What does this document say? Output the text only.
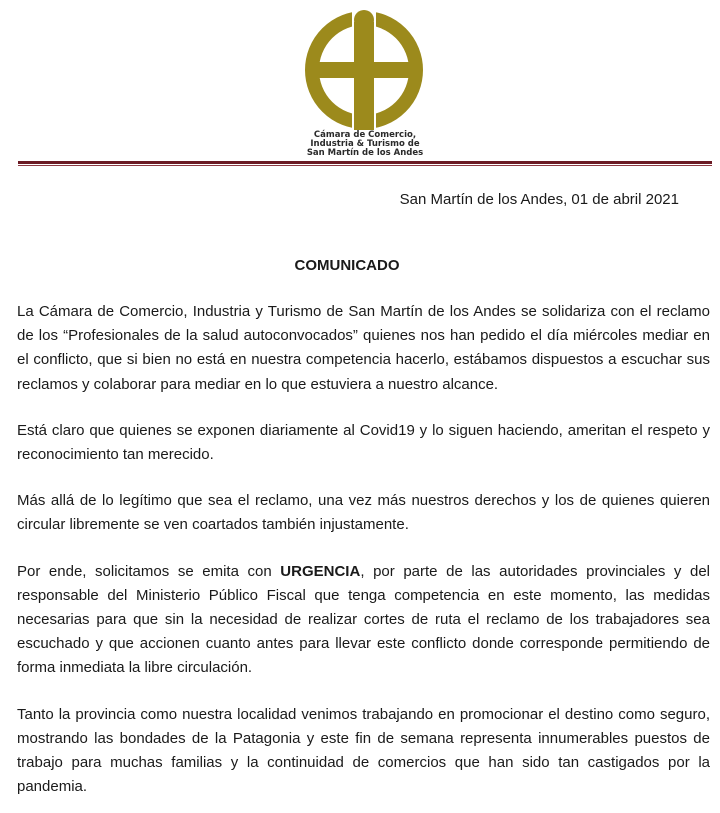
Cámara de Comercio,
Industria & Turismo de
San Martín de los Andes
San Martín de los Andes, 01 de abril 2021
COMUNICADO

La Cámara de Comercio, Industria y Turismo de San Martín de los Andes se solidariza con el reclamo de los “Profesionales de la salud autoconvocados” quienes nos han pedido el día miércoles mediar en el conflicto, que si bien no está en nuestra competencia hacerlo, estábamos dispuestos a escuchar sus reclamos y colaborar para mediar en lo que estuviera a nuestro alcance.

Está claro que quienes se exponen diariamente al Covid19 y lo siguen haciendo, ameritan el respeto y reconocimiento tan merecido.

Más allá de lo legítimo que sea el reclamo, una vez más nuestros derechos y los de quienes quieren circular libremente se ven coartados también injustamente.

Por ende, solicitamos se emita con URGENCIA, por parte de las autoridades provinciales y del responsable del Ministerio Público Fiscal que tenga competencia en este momento, las medidas necesarias para que sin la necesidad de realizar cortes de ruta el reclamo de los trabajadores sea escuchado y que accionen cuanto antes para llevar este conflicto donde corresponde permitiendo de forma inmediata la libre circulación.

Tanto la provincia como nuestra localidad venimos trabajando en promocionar el destino como seguro, mostrando las bondades de la Patagonia y este fin de semana representa innumerables puestos de trabajo para muchas familias y la continuidad de comercios que han sido tan castigados por la pandemia.
